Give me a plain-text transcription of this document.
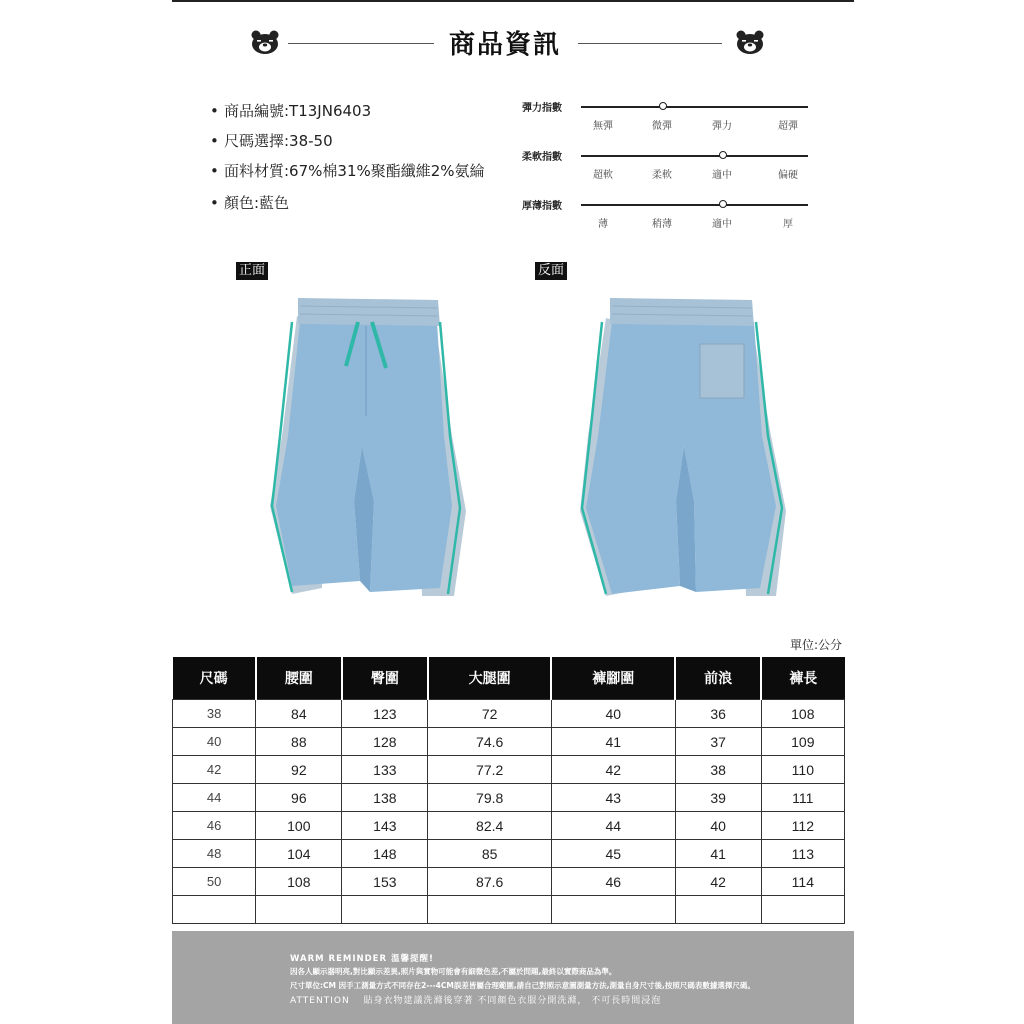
商品資訊
• 商品編號:T13JN6403
• 尺碼選擇:38-50
• 面料材質:67%棉31%聚酯纖維2%氨綸
• 顏色:藍色
彈力指數
無彈	微彈	彈力	超彈
柔軟指數
超軟	柔軟	適中	偏硬
厚薄指數
薄	稍薄	適中	厚
正面	反面
單位:公分
尺碼	腰圍	臀圍	大腿圍	褲腳圍	前浪	褲長
38	84	123	72	40	36	108
40	88	128	74.6	41	37	109
42	92	133	77.2	42	38	110
44	96	138	79.8	43	39	111
46	100	143	82.4	44	40	112
48	104	148	85	45	41	113
50	108	153	87.6	46	42	114

WARM REMINDER 溫馨提醒!
因各人顯示器明亮,對比顯示差異,照片與實物可能會有細微色差,不屬於問題,最終以實際商品為準。
尺寸單位:CM 因手工測量方式不同存在2---4CM誤差皆屬合理範圍,請自己對照示意圖測量方法,測量自身尺寸後,按照尺碼表數據選擇尺碼。
ATTENTION　 貼身衣物建議洗滌後穿著 不同顏色衣服分開洗滌， 不可長時間浸泡
